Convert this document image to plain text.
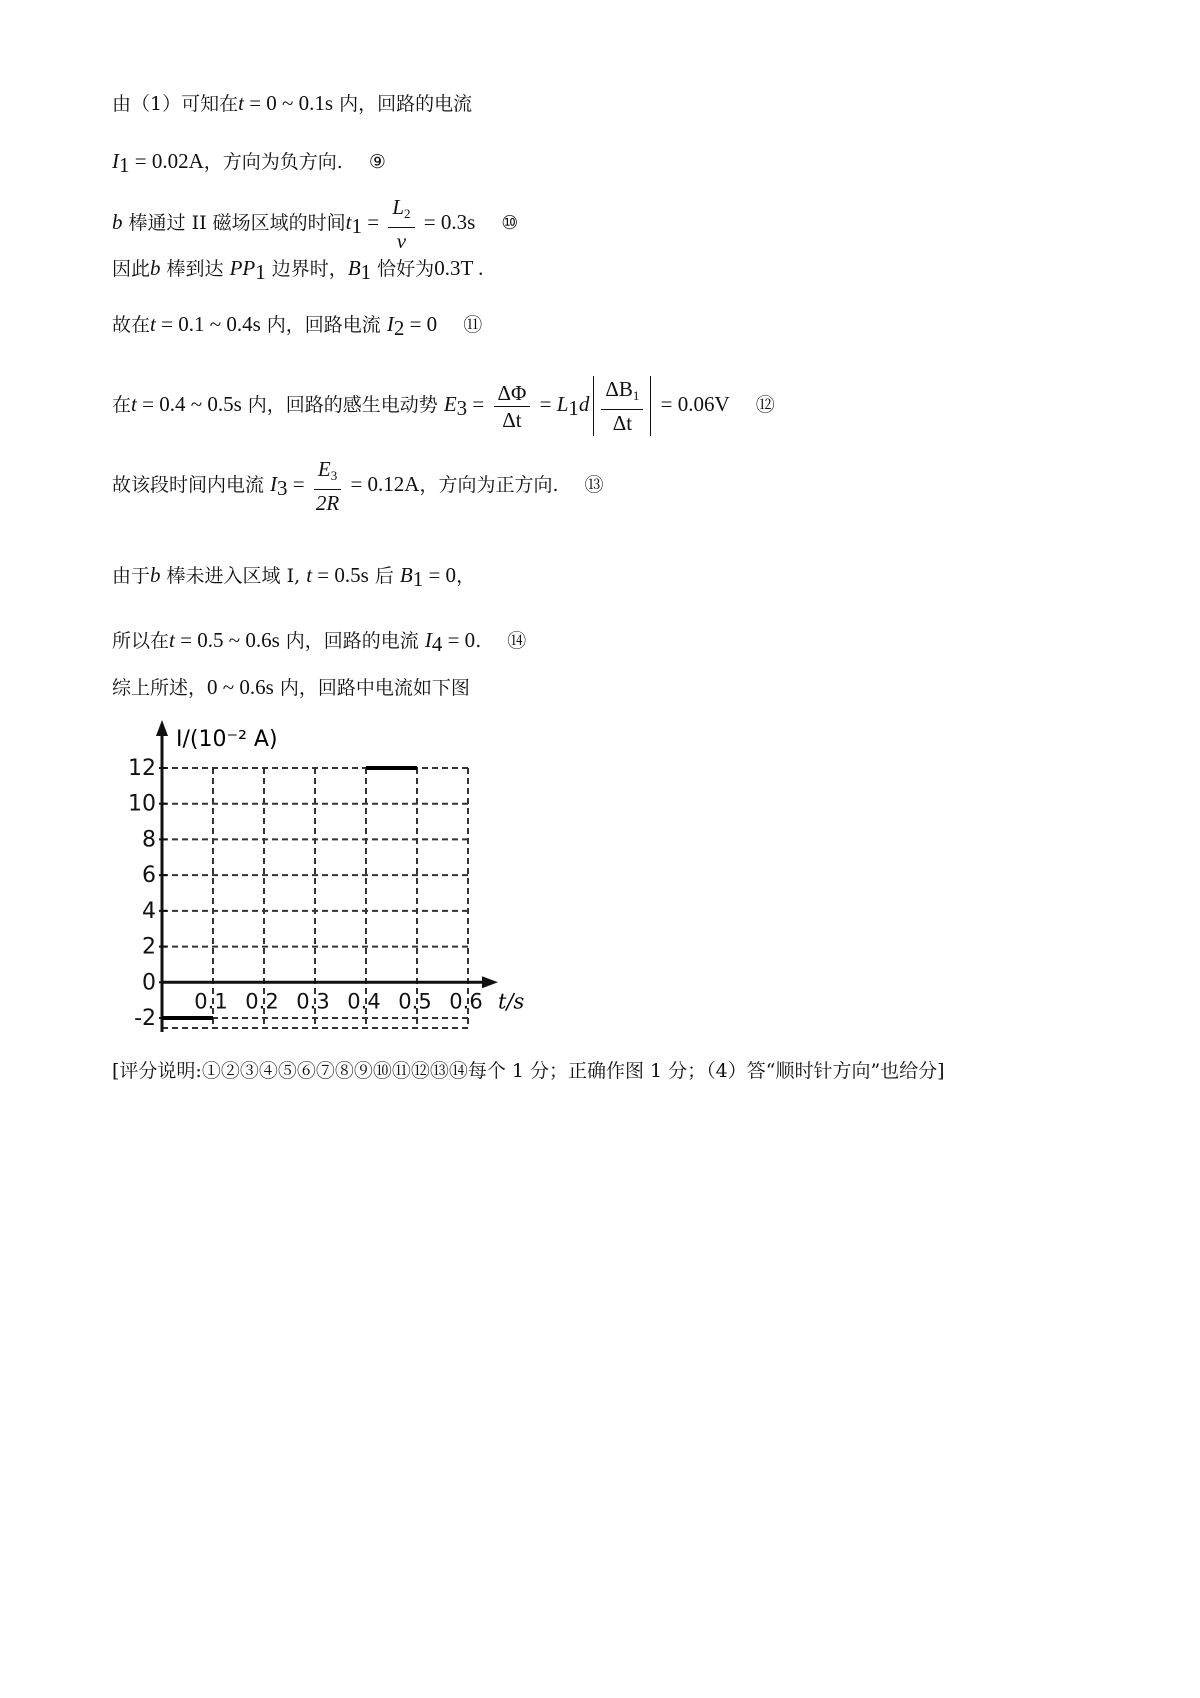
由（1）可知在t = 0 ~ 0.1s 内，回路的电流
$I_1 = 0.02A$，方向为负方向. ⑨
b 棒通过 II 磁场区域的时间$t_1 = \frac{L_2}{v} = 0.3s$ ⑩
因此b 棒到达 $PP_1$ 边界时，$B_1$ 恰好为0.3T .
故在t = 0.1 ~ 0.4s 内，回路电流 $I_2 = 0$ ⑪
在t = 0.4 ~ 0.5s 内，回路的感生电动势 $E_3 = \frac{\Delta\Phi}{\Delta t} = L_1d \frac{\Delta B_1}{\Delta t} = 0.06V$ ⑫
故该段时间内电流 $I_3 = \frac{E_3}{2R} = 0.12A$，方向为正方向. ⑬
由于b 棒未进入区域 I, t = 0.5s 后 $B_1 = 0$，
所以在t = 0.5 ~ 0.6s 内，回路的电流 $I_4 = 0$. ⑭
综上所述，0 ~ 0.6s 内，回路中电流如下图
-2
0
2
4
6
8
10
12
0.1 0.2 0.3 0.4 0.5 0.6
I/(10⁻² A)
t/s
[评分说明:①②③④⑤⑥⑦⑧⑨⑩⑪⑫⑬⑭每个 1 分；正确作图 1 分；（4）答“顺时针方向”也给分]
